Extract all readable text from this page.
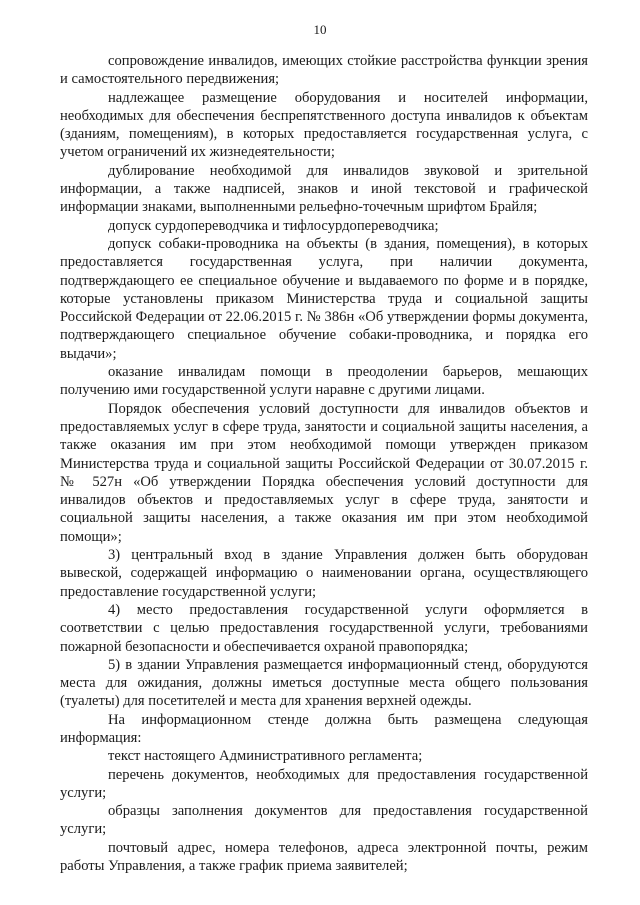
10

сопровождение инвалидов, имеющих стойкие расстройства функции зрения и самостоятельного передвижения;

надлежащее размещение оборудования и носителей информации, необходимых для обеспечения беспрепятственного доступа инвалидов к объектам (зданиям, помещениям), в которых предоставляется государственная услуга, с учетом ограничений их жизнедеятельности;

дублирование необходимой для инвалидов звуковой и зрительной информации, а также надписей, знаков и иной текстовой и графической информации знаками, выполненными рельефно-точечным шрифтом Брайля;

допуск сурдопереводчика и тифлосурдопереводчика;

допуск собаки-проводника на объекты (в здания, помещения), в которых предоставляется государственная услуга, при наличии документа, подтверждающего ее специальное обучение и выдаваемого по форме и в порядке, которые установлены приказом Министерства труда и социальной защиты Российской Федерации от 22.06.2015 г. № 386н «Об утверждении формы документа, подтверждающего специальное обучение собаки-проводника, и порядка его выдачи»;

оказание инвалидам помощи в преодолении барьеров, мешающих получению ими государственной услуги наравне с другими лицами.

Порядок обеспечения условий доступности для инвалидов объектов и предоставляемых услуг в сфере труда, занятости и социальной защиты населения, а также оказания им при этом необходимой помощи утвержден приказом Министерства труда и социальной защиты Российской Федерации от 30.07.2015 г. № 527н «Об утверждении Порядка обеспечения условий доступности для инвалидов объектов и предоставляемых услуг в сфере труда, занятости и социальной защиты населения, а также оказания им при этом необходимой помощи»;

3) центральный вход в здание Управления должен быть оборудован вывеской, содержащей информацию о наименовании органа, осуществляющего предоставление государственной услуги;

4) место предоставления государственной услуги оформляется в соответствии с целью предоставления государственной услуги, требованиями пожарной безопасности и обеспечивается охраной правопорядка;

5) в здании Управления размещается информационный стенд, оборудуются места для ожидания, должны иметься доступные места общего пользования (туалеты) для посетителей и места для хранения верхней одежды.

На информационном стенде должна быть размещена следующая информация:

текст настоящего Административного регламента;

перечень документов, необходимых для предоставления государственной услуги;

образцы заполнения документов для предоставления государственной услуги;

почтовый адрес, номера телефонов, адреса электронной почты, режим работы Управления, а также график приема заявителей;
